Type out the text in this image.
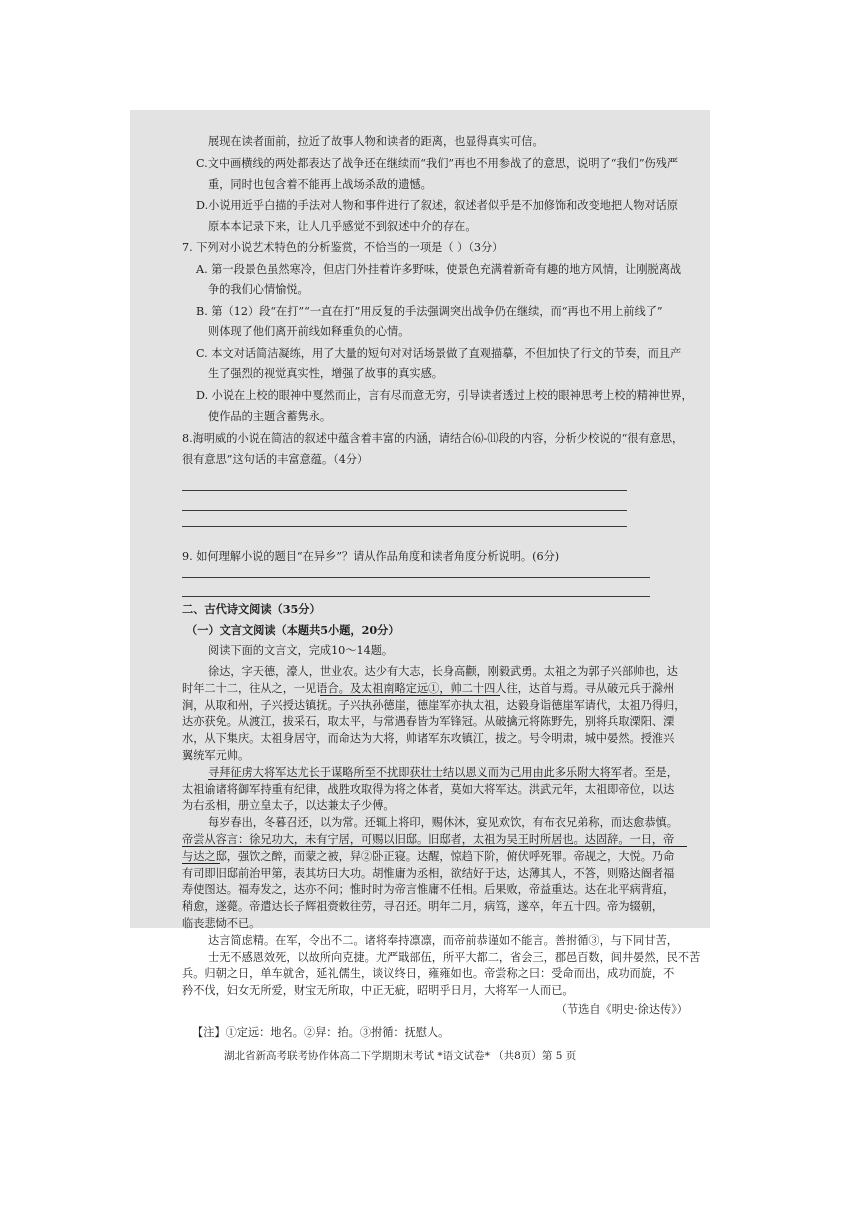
展现在读者面前，拉近了故事人物和读者的距离，也显得真实可信。
C.文中画横线的两处都表达了战争还在继续而“我们”再也不用参战了的意思，说明了“我们”伤残严
重，同时也包含着不能再上战场杀敌的遗憾。
D.小说用近乎白描的手法对人物和事件进行了叙述，叙述者似乎是不加修饰和改变地把人物对话原
原本本记录下来，让人几乎感觉不到叙述中介的存在。
7. 下列对小说艺术特色的分析鉴赏，不恰当的一项是（ ）（3分）
A. 第一段景色虽然寒冷，但店门外挂着许多野味，使景色充满着新奇有趣的地方风情，让刚脱离战
争的我们心情愉悦。
B. 第（12）段“在打”“一直在打”用反复的手法强调突出战争仍在继续，而“再也不用上前线了”
则体现了他们离开前线如释重负的心情。
C. 本文对话简洁凝练，用了大量的短句对对话场景做了直观描摹，不但加快了行文的节奏，而且产
生了强烈的视觉真实性，增强了故事的真实感。
D. 小说在上校的眼神中戛然而止，言有尽而意无穷，引导读者透过上校的眼神思考上校的精神世界，
使作品的主题含蓄隽永。
8.海明威的小说在简洁的叙述中蕴含着丰富的内涵，请结合⑹-⑾段的内容，分析少校说的“很有意思，
很有意思”这句话的丰富意蕴。（4分）
9. 如何理解小说的题目“在异乡”？请从作品角度和读者角度分析说明。(6分)
二、古代诗文阅读（35分）
（一）文言文阅读（本题共5小题，20分）
阅读下面的文言文，完成10～14题。
徐达，字天德，濠人，世业农。达少有大志，长身高颧，刚毅武勇。太祖之为郭子兴部帅也，达
时年二十二，往从之，一见语合。及太祖南略定远①，帅二十四人往，达首与焉。寻从破元兵于滁州
涧，从取和州，子兴授达镇抚。子兴执孙德崖，德崖军亦执太祖，达毅身诣德崖军请代，太祖乃得归，
达亦获免。从渡江，拔采石，取太平，与常遇春皆为军锋冠。从破擒元将陈野先，别将兵取溧阳、溧
水，从下集庆。太祖身居守，而命达为大将，帅诸军东攻镇江，拔之。号令明肃，城中晏然。授淮兴
翼统军元帅。
寻拜征虏大将军达尤长于谋略所至不扰即获壮士结以恩义而为己用由此多乐附大将军者。至是，
太祖谕诸将御军持重有纪律，战胜攻取得为将之体者，莫如大将军达。洪武元年，太祖即帝位，以达
为右丞相，册立皇太子，以达兼太子少傅。
每岁春出，冬暮召还，以为常。还辄上将印，赐休沐，宴见欢饮，有布衣兄弟称，而达愈恭慎。
帝尝从容言：徐兄功大，未有宁居，可赐以旧邸。旧邸者，太祖为吴王时所居也。达固辞。一日，帝
与达之邸，强饮之醉，而蒙之被，舁②卧正寝。达醒，惊趋下阶，俯伏呼死罪。帝觇之，大悦。乃命
有司即旧邸前治甲第，表其坊曰大功。胡惟庸为丞相，欲结好于达，达薄其人，不答，则赂达阍者福
寿使图达。福寿发之，达亦不问；惟时时为帝言惟庸不任相。后果败，帝益重达。达在北平病背疽，
稍愈，遂薨。帝遣达长子辉祖赍敕往劳，寻召还。明年二月，病笃，遂卒，年五十四。帝为辍朝，
临丧悲恸不已。
达言简虑精。在军，令出不二。诸将奉持凛凛，而帝前恭谨如不能言。善拊循③，与下同甘苦，
士无不感恩效死，以故所向克捷。尤严戢部伍，所平大都二，省会三，郡邑百数，闾井晏然，民不苦
兵。归朝之日，单车就舍，延礼儒生，谈议终日，雍雍如也。帝尝称之曰：受命而出，成功而旋，不
矜不伐，妇女无所爱，财宝无所取，中正无疵，昭明乎日月，大将军一人而已。
（节选自《明史·徐达传》）
【注】①定远：地名。②舁：抬。③拊循：抚慰人。
湖北省新高考联考协作体高二下学期期末考试 *语文试卷* （共8页）第 5 页
